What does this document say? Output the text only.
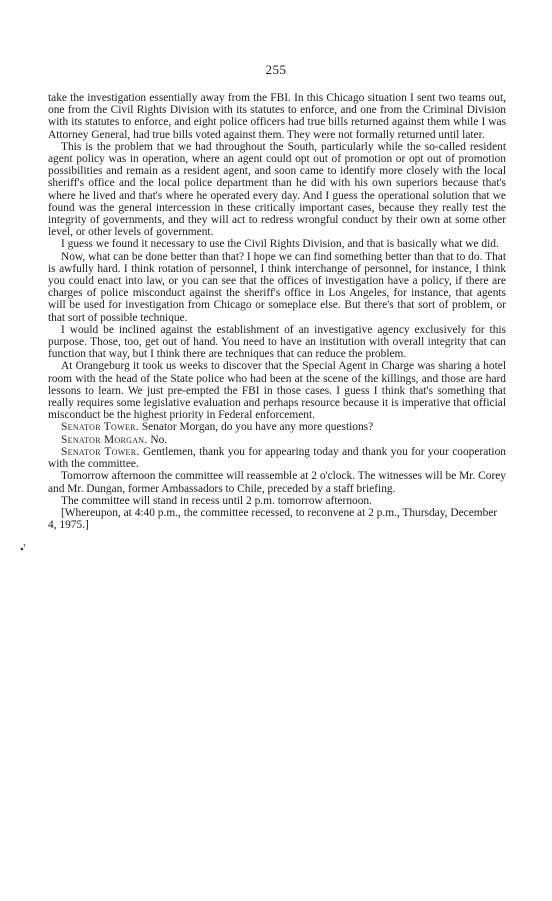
255
•’

take the investigation essentially away from the FBI. In this Chicago situation I sent two teams out, one from the Civil Rights Division with its statutes to enforce, and one from the Criminal Division with its statutes to enforce, and eight police officers had true bills returned against them while I was Attorney General, had true bills voted against them. They were not formally returned until later.

This is the problem that we had throughout the South, particularly while the so-called resident agent policy was in operation, where an agent could opt out of promotion or opt out of promotion possibilities and remain as a resident agent, and soon came to identify more closely with the local sheriff's office and the local police department than he did with his own superiors because that's where he lived and that's where he operated every day. And I guess the operational solution that we found was the general intercession in these critically important cases, because they really test the integrity of governments, and they will act to redress wrongful conduct by their own at some other level, or other levels of government.

I guess we found it necessary to use the Civil Rights Division, and that is basically what we did.

Now, what can be done better than that? I hope we can find something better than that to do. That is awfully hard. I think rotation of personnel, I think interchange of personnel, for instance, I think you could enact into law, or you can see that the offices of investigation have a policy, if there are charges of police misconduct against the sheriff's office in Los Angeles, for instance, that agents will be used for investigation from Chicago or someplace else. But there's that sort of problem, or that sort of possible technique.

I would be inclined against the establishment of an investigative agency exclusively for this purpose. Those, too, get out of hand. You need to have an institution with overall integrity that can function that way, but I think there are techniques that can reduce the problem.

At Orangeburg it took us weeks to discover that the Special Agent in Charge was sharing a hotel room with the head of the State police who had been at the scene of the killings, and those are hard lessons to learn. We just pre-empted the FBI in those cases. I guess I think that's something that really requires some legislative evaluation and perhaps resource because it is imperative that official misconduct be the highest priority in Federal enforcement.

Senator Tower. Senator Morgan, do you have any more questions?

Senator Morgan. No.

Senator Tower. Gentlemen, thank you for appearing today and thank you for your cooperation with the committee.

Tomorrow afternoon the committee will reassemble at 2 o'clock. The witnesses will be Mr. Corey and Mr. Dungan, former Ambassadors to Chile, preceded by a staff briefing.

The committee will stand in recess until 2 p.m. tomorrow afternoon.

[Whereupon, at 4:40 p.m., the committee recessed, to reconvene at 2 p.m., Thursday, December 4, 1975.]
